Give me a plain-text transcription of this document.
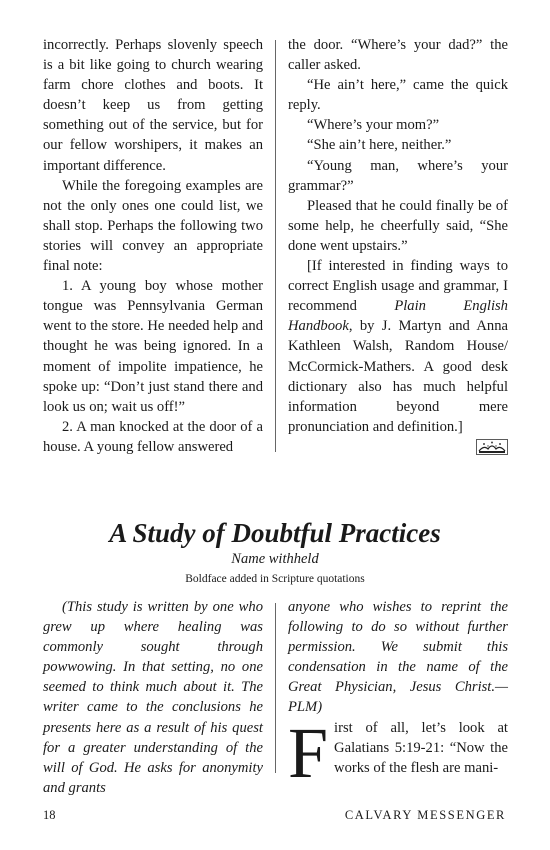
incorrectly. Perhaps slovenly speech is a bit like going to church wearing farm chore clothes and boots. It doesn’t keep us from getting something out of the service, but for our fellow worshipers, it makes an important difference.

While the foregoing examples are not the only ones one could list, we shall stop. Perhaps the following two stories will convey an appropriate final note:

1. A young boy whose mother tongue was Pennsylvania German went to the store. He needed help and thought he was being ignored. In a moment of impolite impatience, he spoke up: “Don’t just stand there and look us on; wait us off!”

2. A man knocked at the door of a house. A young fellow answered

the door. “Where’s your dad?” the caller asked.

“He ain’t here,” came the quick reply.

“Where’s your mom?”

“She ain’t here, neither.”

“Young man, where’s your grammar?”

Pleased that he could finally be of some help, he cheerfully said, “She done went upstairs.”

[If interested in finding ways to correct English usage and grammar, I recommend Plain English Handbook, by J. Martyn and Anna Kathleen Walsh, Random House/ McCormick-Mathers. A good desk dictionary also has much helpful information beyond mere pronunciation and definition.]

A Study of Doubtful Practices
Name withheld
Boldface added in Scripture quotations

(This study is written by one who grew up where healing was commonly sought through powwowing. In that setting, no one seemed to think much about it. The writer came to the conclusions he presents here as a result of his quest for a greater understanding of the will of God. He asks for anonymity and grants

anyone who wishes to reprint the following to do so without further permission. We submit this condensation in the name of the Great Physician, Jesus Christ.—PLM)

First of all, let’s look at Galatians 5:19-21: “Now the works of the flesh are mani-

18	CALVARY MESSENGER
